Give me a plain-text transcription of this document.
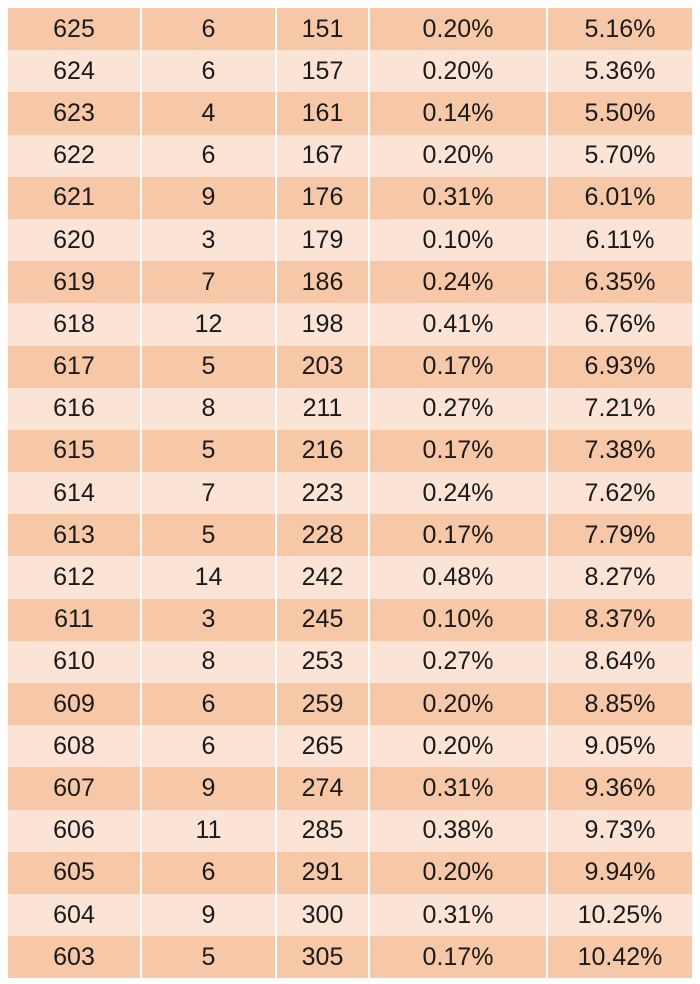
625	6	151	0.20%	5.16%
624	6	157	0.20%	5.36%
623	4	161	0.14%	5.50%
622	6	167	0.20%	5.70%
621	9	176	0.31%	6.01%
620	3	179	0.10%	6.11%
619	7	186	0.24%	6.35%
618	12	198	0.41%	6.76%
617	5	203	0.17%	6.93%
616	8	211	0.27%	7.21%
615	5	216	0.17%	7.38%
614	7	223	0.24%	7.62%
613	5	228	0.17%	7.79%
612	14	242	0.48%	8.27%
611	3	245	0.10%	8.37%
610	8	253	0.27%	8.64%
609	6	259	0.20%	8.85%
608	6	265	0.20%	9.05%
607	9	274	0.31%	9.36%
606	11	285	0.38%	9.73%
605	6	291	0.20%	9.94%
604	9	300	0.31%	10.25%
603	5	305	0.17%	10.42%
